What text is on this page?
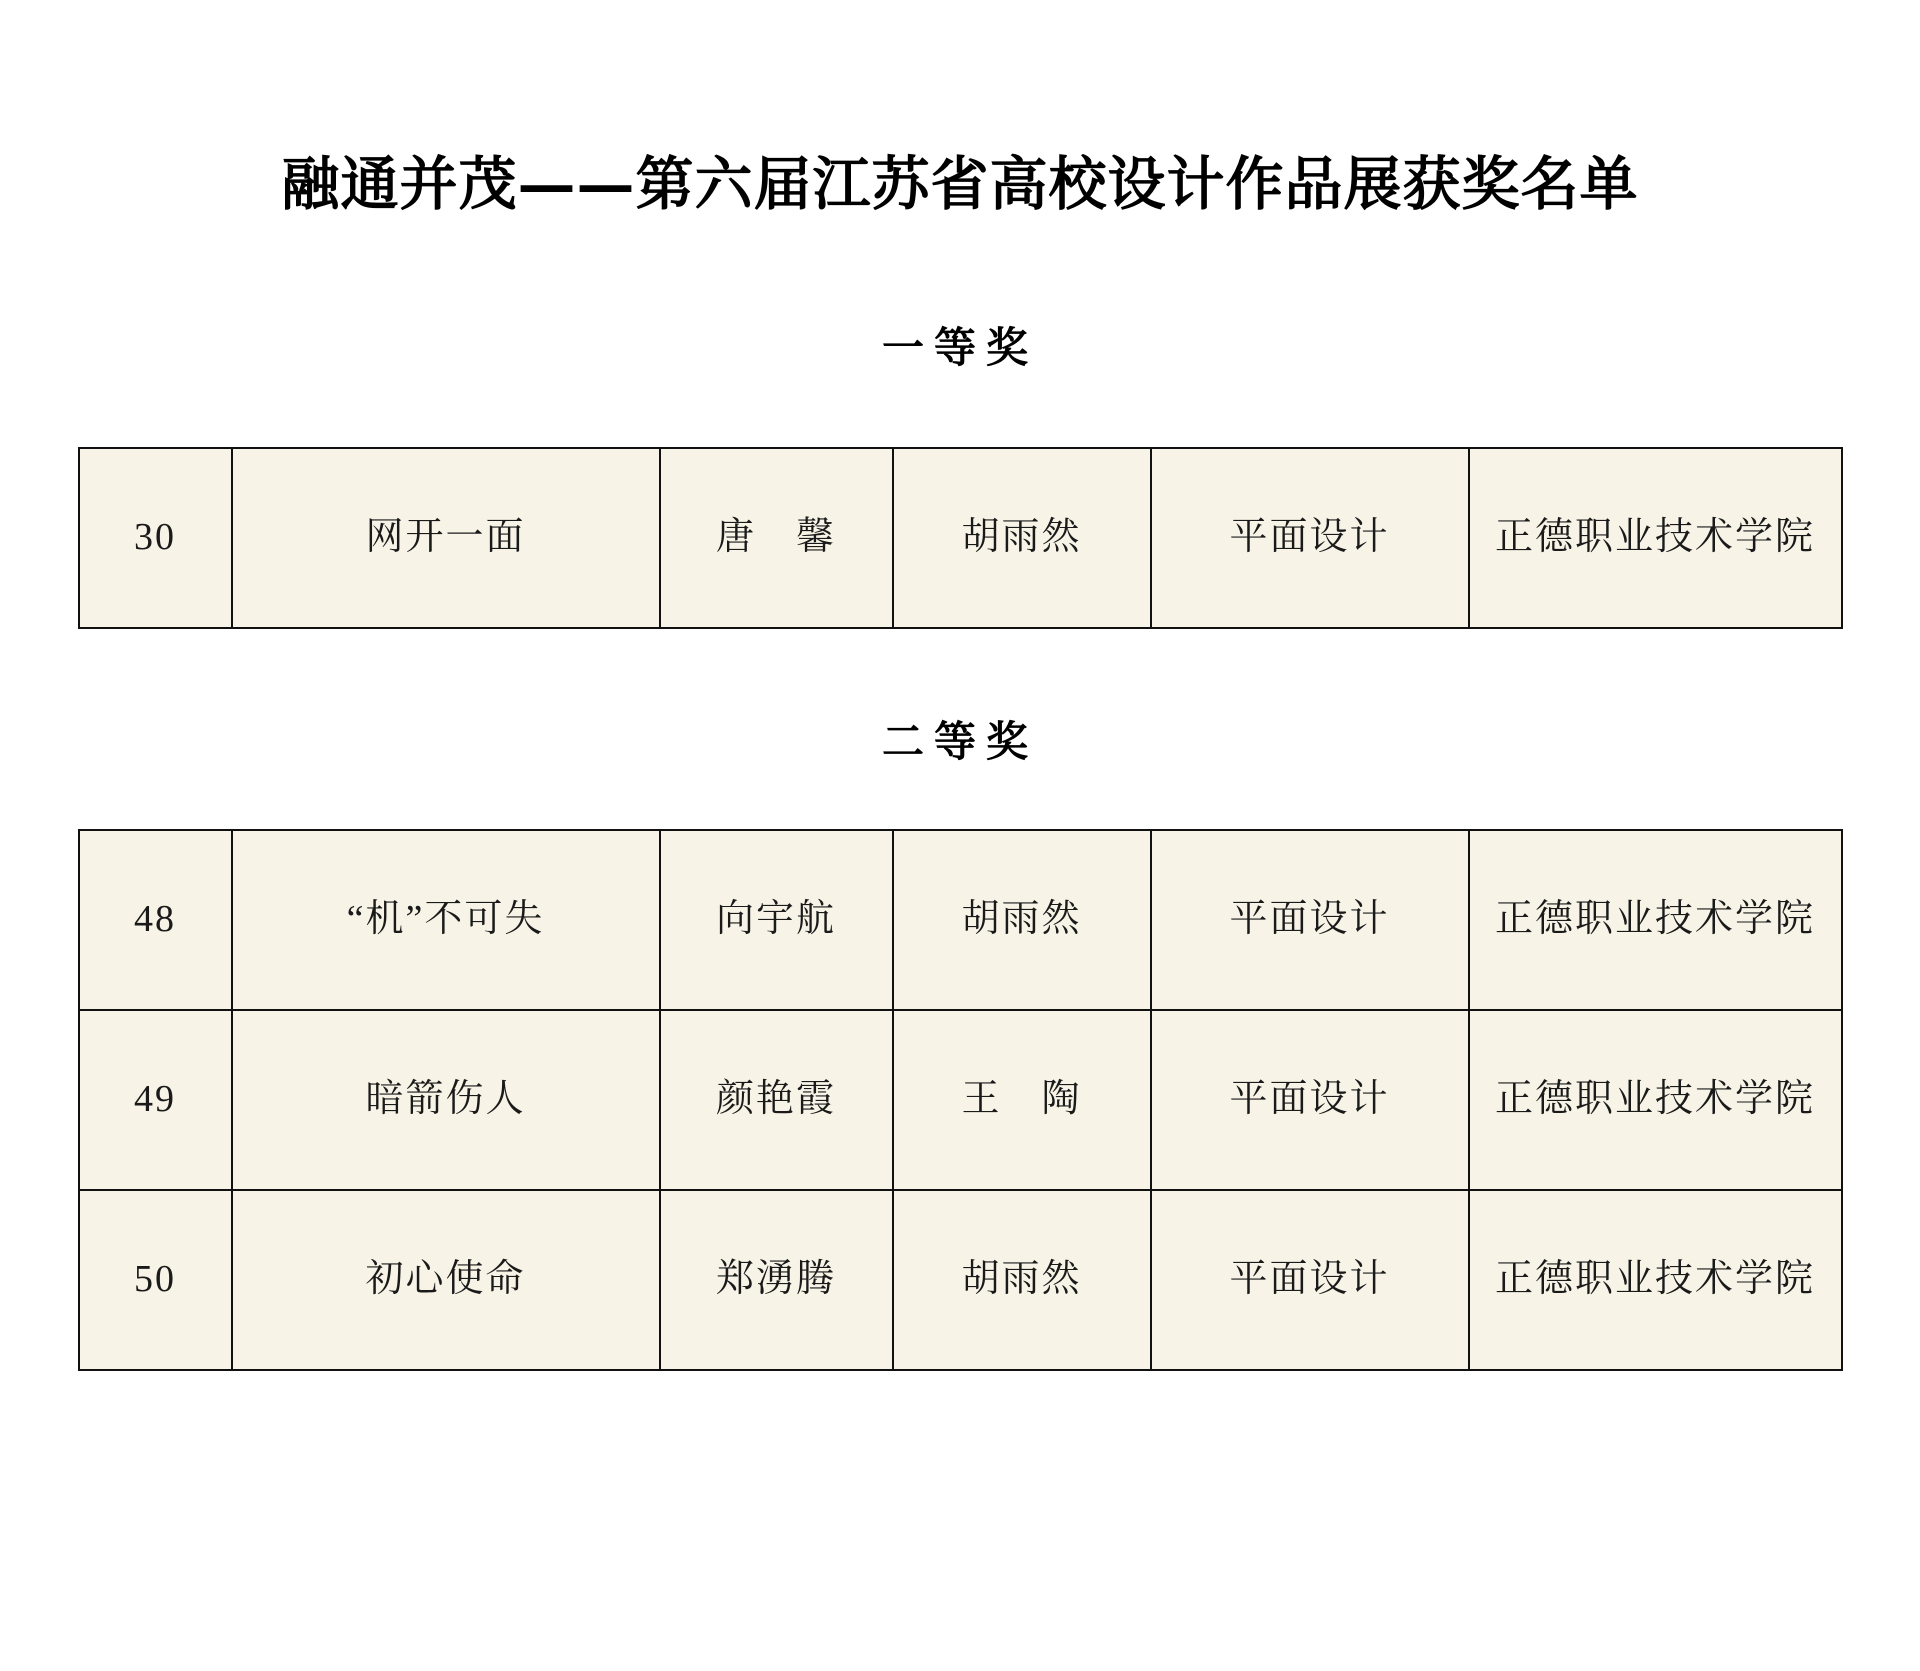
融通并茂——第六届江苏省高校设计作品展获奖名单
一等奖
30	网开一面	唐　馨	胡雨然	平面设计	正德职业技术学院
二等奖
48	“机”不可失	向宇航	胡雨然	平面设计	正德职业技术学院
49	暗箭伤人	颜艳霞	王　陶	平面设计	正德职业技术学院
50	初心使命	郑湧腾	胡雨然	平面设计	正德职业技术学院
